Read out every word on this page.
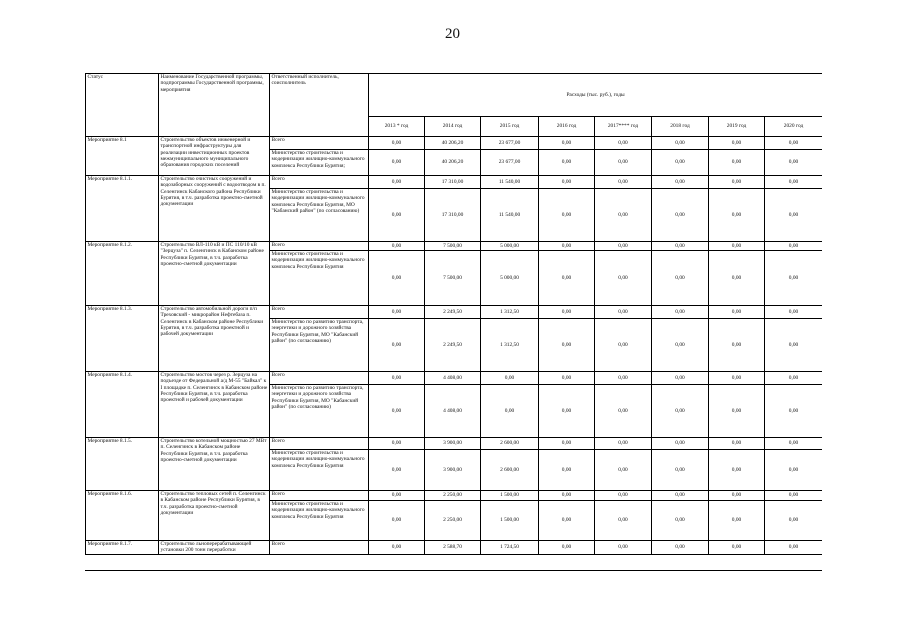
20
Статус	Наименование Государственной программы, подпрограммы Государственной программы, мероприятия	Ответственный исполнитель, соисполнитель	Расходы (тыс. руб.), годы							
			2013 * год	2014 год	2015 год	2016 год	2017**** год	2018 год	2019 год	2020 год
Мероприятие 8.1	Строительство объектов инженерной и транспортной инфраструктуры для реализации инвестиционных проектов межмуниципального муниципального образования городских поселений	Всего	0,00	40 206,20	23 677,00	0,00	0,00	0,00	0,00	0,00
		Министерство строительства и модернизации жилищно-коммунального комплекса Республики Бурятия;	0,00	40 206,20	23 677,00	0,00	0,00	0,00	0,00	0,00
Мероприятие 8.1.1.	Строительство очистных сооружений и водозаборных сооружений с водоотводом в п. Селенгинск Кабанского района Республики Бурятия, в т.ч. разработка проектно-сметной документации	Всего	0,00	17 310,00	11 540,00	0,00	0,00	0,00	0,00	0,00
		Министерство строительства и модернизации жилищно-коммунального комплекса Республики Бурятия, МО "Кабанский район" (по согласованию)	0,00	17 310,00	11 540,00	0,00	0,00	0,00	0,00	0,00
Мероприятие 8.1.2.	Строительство ВЛ-110 кВ и ПС 110/10 кВ "Зерцуза" п. Селенгинск в Кабанском районе Республики Бурятия, в т.ч. разработка проектно-сметной документации	Всего	0,00	7 500,00	5 000,00	0,00	0,00	0,00	0,00	0,00
		Министерство строительства и модернизации жилищно-коммунального комплекса Республики Бурятия	0,00	7 500,00	5 000,00	0,00	0,00	0,00	0,00	0,00
Мероприятие 8.1.3.	Строительство автомобильной дороги п/п Треховский - микрорайон Нефтебаза п. Селенгинск в Кабанском районе Республики Бурятия, в т.ч. разработка проектной и рабочей документации	Всего	0,00	2 249,50	1 312,50	0,00	0,00	0,00	0,00	0,00
		Министерство по развитию транспорта, энергетики и дорожного хозяйства Республики Бурятия, МО "Кабанский район" (по согласованию)	0,00	2 249,50	1 312,50	0,00	0,00	0,00	0,00	0,00
Мероприятие 8.1.4.	Строительство мостов через р. Зерцуза на подъезде от Федеральной а/д М-55 "Байкал" к I площадке п. Селенгинск в Кабанском районе Республики Бурятия, в т.ч. разработка проектной и рабочей документации	Всего	0,00	4 408,00	0,00	0,00	0,00	0,00	0,00	0,00
		Министерство по развитию транспорта, энергетики и дорожного хозяйства Республики Бурятия, МО "Кабанский район" (по согласованию)	0,00	4 408,00	0,00	0,00	0,00	0,00	0,00	0,00
Мероприятие 8.1.5.	Строительство котельной мощностью 27 МВт п. Селенгинск в Кабанском районе Республики Бурятия, в т.ч. разработка проектно-сметной документации	Всего	0,00	3 900,00	2 600,00	0,00	0,00	0,00	0,00	0,00
		Министерство строительства и модернизации жилищно-коммунального комплекса Республики Бурятия	0,00	3 900,00	2 600,00	0,00	0,00	0,00	0,00	0,00
Мероприятие 8.1.6.	Строительство тепловых сетей п. Селенгинск в Кабанском районе Республики Бурятия, в т.ч. разработка проектно-сметной документации	Всего	0,00	2 250,00	1 500,00	0,00	0,00	0,00	0,00	0,00
		Министерство строительства и модернизации жилищно-коммунального комплекса Республики Бурятия	0,00	2 250,00	1 500,00	0,00	0,00	0,00	0,00	0,00
Мероприятие 8.1.7.	Строительство льноперерабатывающей установки 200 тонн переработки	Всего	0,00	2 588,70	1 724,50	0,00	0,00	0,00	0,00	0,00
